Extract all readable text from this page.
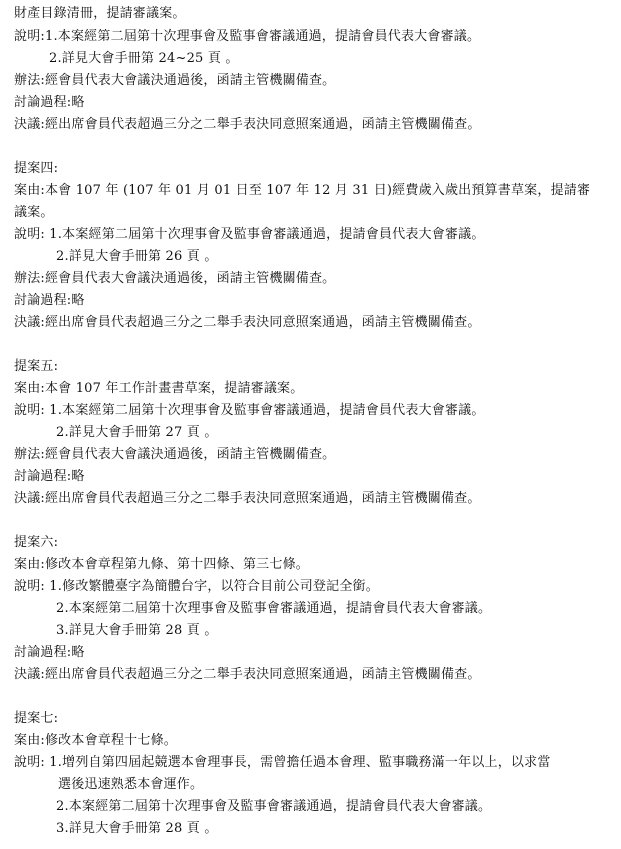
財產目錄清冊，提請審議案。
說明:1.本案經第二屆第十次理事會及監事會審議通過，提請會員代表大會審議。
2.詳見大會手冊第 24~25 頁 。
辦法:經會員代表大會議決通過後，函請主管機關備查。
討論過程:略
決議:經出席會員代表超過三分之二舉手表決同意照案通過，函請主管機關備查。
提案四:
案由:本會 107 年 (107 年 01 月 01 日至 107 年 12 月 31 日)經費歲入歲出預算書草案，提請審
議案。
說明: 1.本案經第二屆第十次理事會及監事會審議通過，提請會員代表大會審議。
2.詳見大會手冊第 26 頁 。
辦法:經會員代表大會議決通過後，函請主管機關備查。
討論過程:略
決議:經出席會員代表超過三分之二舉手表決同意照案通過，函請主管機關備查。
提案五:
案由:本會 107 年工作計畫書草案，提請審議案。
說明: 1.本案經第二屆第十次理事會及監事會審議通過，提請會員代表大會審議。
2.詳見大會手冊第 27 頁 。
辦法:經會員代表大會議決通過後，函請主管機關備查。
討論過程:略
決議:經出席會員代表超過三分之二舉手表決同意照案通過，函請主管機關備查。
提案六:
案由:修改本會章程第九條、第十四條、第三七條。
說明: 1.修改繁體臺字為簡體台字，以符合目前公司登記全銜。
2.本案經第二屆第十次理事會及監事會審議通過，提請會員代表大會審議。
3.詳見大會手冊第 28 頁 。
討論過程:略
決議:經出席會員代表超過三分之二舉手表決同意照案通過，函請主管機關備查。
提案七:
案由:修改本會章程十七條。
說明: 1.增列自第四屆起競選本會理事長，需曾擔任過本會理、監事職務滿一年以上，以求當
選後迅速熟悉本會運作。
2.本案經第二屆第十次理事會及監事會審議通過，提請會員代表大會審議。
3.詳見大會手冊第 28 頁 。
